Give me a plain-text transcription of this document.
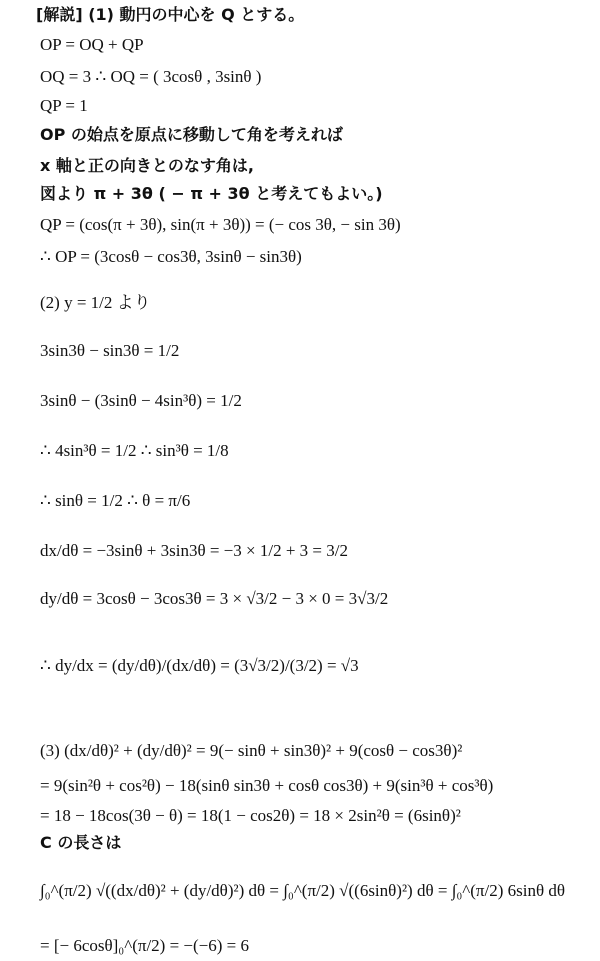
[解説] (1) 動円の中心を Q とする。
OP = OQ + QP
OQ = 3 ∴ OQ = ( 3cosθ , 3sinθ )
QP = 1
OP の始点を原点に移動して角を考えれば
x 軸と正の向きとのなす角は,
図より π + 3θ ( − π + 3θ と考えてもよい。)
QP = (cos(π + 3θ), sin(π + 3θ)) = (− cos 3θ, − sin 3θ)
∴ OP = (3cosθ − cos3θ, 3sinθ − sin3θ)
(2) y = 1/2 より
3sin3θ − sin3θ = 1/2
3sinθ − (3sinθ − 4sin³θ) = 1/2
∴ 4sin³θ = 1/2 ∴ sin³θ = 1/8
∴ sinθ = 1/2 ∴ θ = π/6
dx/dθ = −3sinθ + 3sin3θ = −3 × 1/2 + 3 = 3/2
dy/dθ = 3cosθ − 3cos3θ = 3 × √3/2 − 3 × 0 = 3√3/2
∴ dy/dx = (dy/dθ)/(dx/dθ) = (3√3/2)/(3/2) = √3
(3) (dx/dθ)² + (dy/dθ)² = 9(− sinθ + sin3θ)² + 9(cosθ − cos3θ)²
= 9(sin²θ + cos²θ) − 18(sinθ sin3θ + cosθ cos3θ) + 9(sin³θ + cos³θ)
= 18 − 18cos(3θ − θ) = 18(1 − cos2θ) = 18 × 2sin²θ = (6sinθ)²
C の長さは
∫₀^(π/2) √((dx/dθ)² + (dy/dθ)²) dθ = ∫₀^(π/2) √((6sinθ)²) dθ = ∫₀^(π/2) 6sinθ dθ
= [− 6cosθ]₀^(π/2) = −(−6) = 6
